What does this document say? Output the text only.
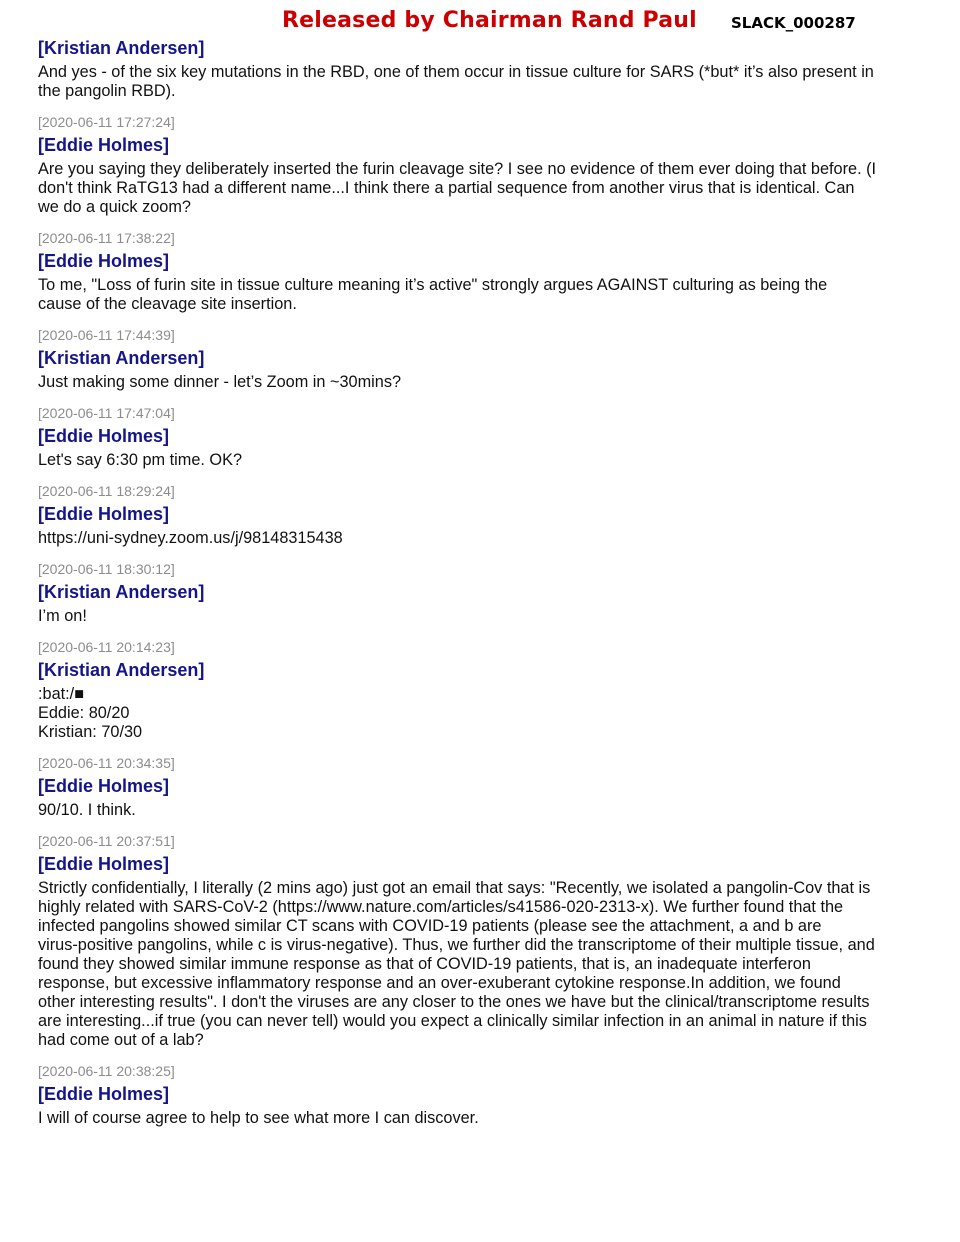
Released by Chairman Rand Paul SLACK_000287
[Kristian Andersen]
And yes - of the six key mutations in the RBD, one of them occur in tissue culture for SARS (*but* it’s also present in
the pangolin RBD).
[2020-06-11 17:27:24]
[Eddie Holmes]
Are you saying they deliberately inserted the furin cleavage site? I see no evidence of them ever doing that before. (I
don't think RaTG13 had a different name...I think there a partial sequence from another virus that is identical. Can
we do a quick zoom?
[2020-06-11 17:38:22]
[Eddie Holmes]
To me, "Loss of furin site in tissue culture meaning it’s active" strongly argues AGAINST culturing as being the
cause of the cleavage site insertion.
[2020-06-11 17:44:39]
[Kristian Andersen]
Just making some dinner - let’s Zoom in ~30mins?
[2020-06-11 17:47:04]
[Eddie Holmes]
Let's say 6:30 pm time. OK?
[2020-06-11 18:29:24]
[Eddie Holmes]
https://uni-sydney.zoom.us/j/98148315438
[2020-06-11 18:30:12]
[Kristian Andersen]
I’m on!
[2020-06-11 20:14:23]
[Kristian Andersen]
:bat:/■
Eddie: 80/20
Kristian: 70/30
[2020-06-11 20:34:35]
[Eddie Holmes]
90/10. I think.
[2020-06-11 20:37:51]
[Eddie Holmes]
Strictly confidentially, I literally (2 mins ago) just got an email that says: "Recently, we isolated a pangolin-Cov that is
highly related with SARS-CoV-2 (https://www.nature.com/articles/s41586-020-2313-x). We further found that the
infected pangolins showed similar CT scans with COVID-19 patients (please see the attachment, a and b are
virus-positive pangolins, while c is virus-negative). Thus, we further did the transcriptome of their multiple tissue, and
found they showed similar immune response as that of COVID-19 patients, that is, an inadequate interferon
response, but excessive inflammatory response and an over-exuberant cytokine response.In addition, we found
other interesting results". I don't the viruses are any closer to the ones we have but the clinical/transcriptome results
are interesting...if true (you can never tell) would you expect a clinically similar infection in an animal in nature if this
had come out of a lab?
[2020-06-11 20:38:25]
[Eddie Holmes]
I will of course agree to help to see what more I can discover.
